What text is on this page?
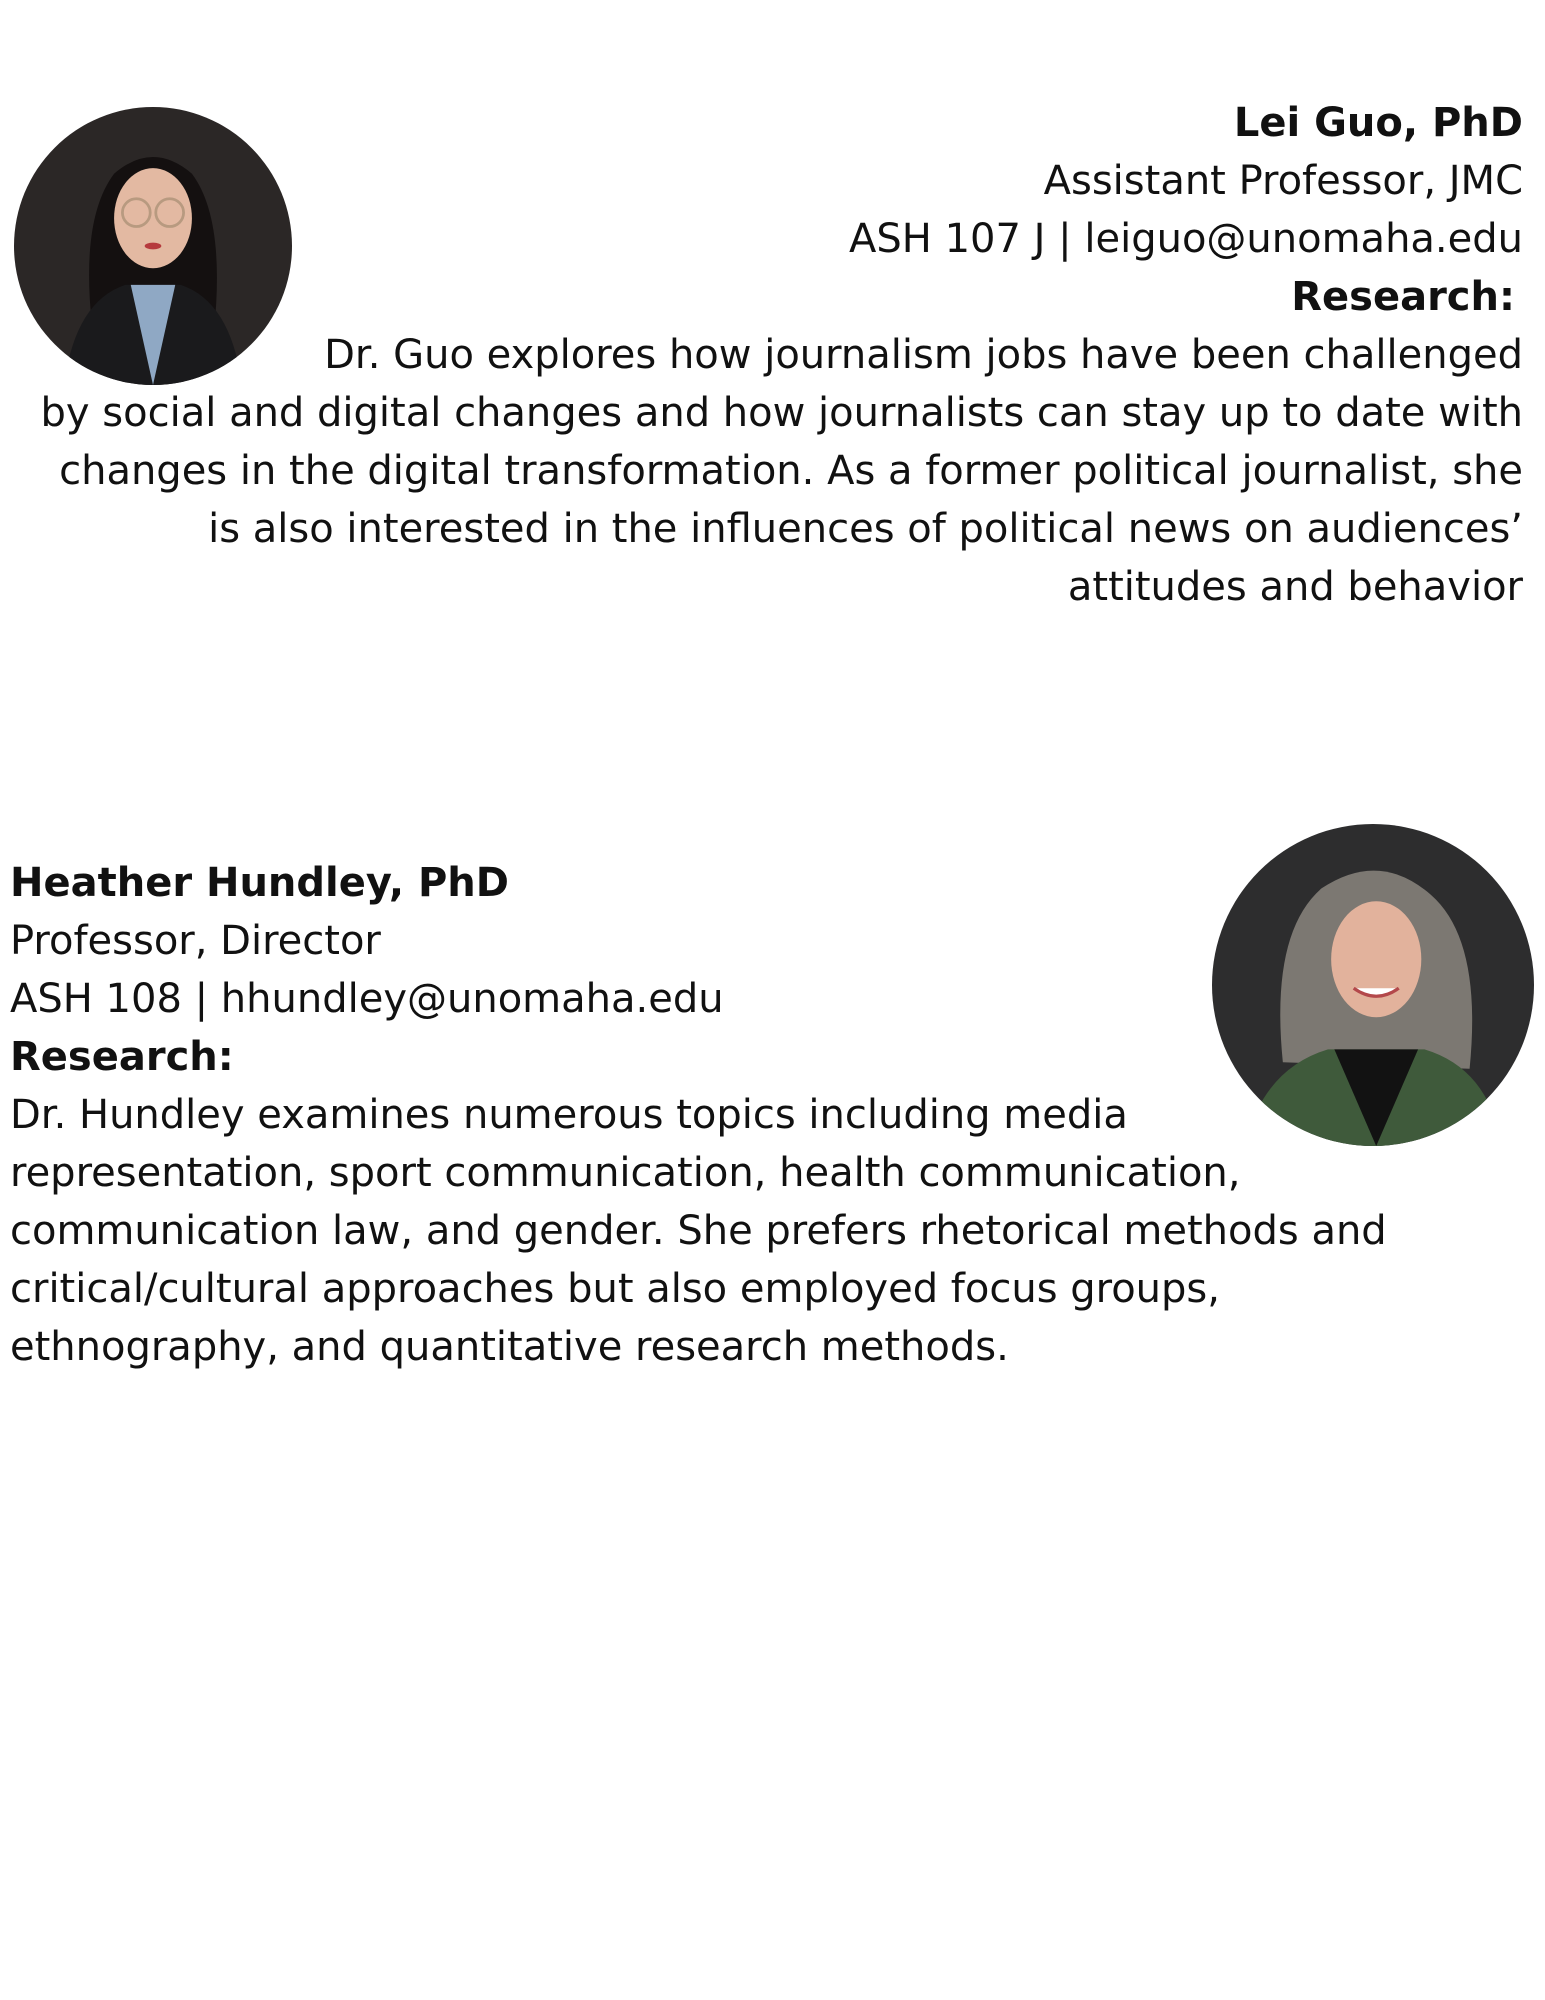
Lei Guo, PhD
Assistant Professor, JMC
ASH 107 J | leiguo@unomaha.edu
Research:
Dr. Guo explores how journalism jobs have been challenged
by social and digital changes and how journalists can stay up to date with
changes in the digital transformation. As a former political journalist, she
is also interested in the influences of political news on audiences’
attitudes and behavior
Heather Hundley, PhD
Professor, Director
ASH 108 | hhundley@unomaha.edu
Research:
Dr. Hundley examines numerous topics including media
representation, sport communication, health communication,
communication law, and gender. She prefers rhetorical methods and
critical/cultural approaches but also employed focus groups,
ethnography, and quantitative research methods.
